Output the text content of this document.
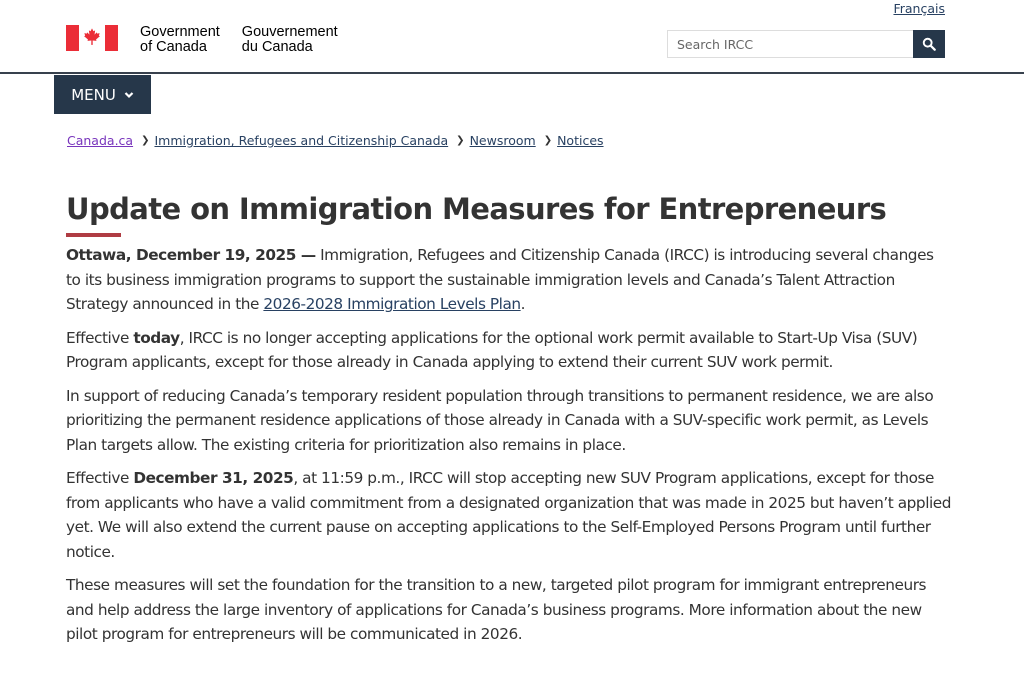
Government
of Canada
Gouvernement
du Canada
Français
Search IRCC
MENU
Canada.ca ❯ Immigration, Refugees and Citizenship Canada ❯ Newsroom ❯ Notices
Update on Immigration Measures for Entrepreneurs

Ottawa, December 19, 2025 — Immigration, Refugees and Citizenship Canada (IRCC) is introducing several changes to its business immigration programs to support the sustainable immigration levels and Canada’s Talent Attraction Strategy announced in the 2026-2028 Immigration Levels Plan.

Effective today, IRCC is no longer accepting applications for the optional work permit available to Start-Up Visa (SUV) Program applicants, except for those already in Canada applying to extend their current SUV work permit.

In support of reducing Canada’s temporary resident population through transitions to permanent residence, we are also prioritizing the permanent residence applications of those already in Canada with a SUV-specific work permit, as Levels Plan targets allow. The existing criteria for prioritization also remains in place.

Effective December 31, 2025, at 11:59 p.m., IRCC will stop accepting new SUV Program applications, except for those from applicants who have a valid commitment from a designated organization that was made in 2025 but haven’t applied yet. We will also extend the current pause on accepting applications to the Self-Employed Persons Program until further notice.

These measures will set the foundation for the transition to a new, targeted pilot program for immigrant entrepreneurs and help address the large inventory of applications for Canada’s business programs. More information about the new pilot program for entrepreneurs will be communicated in 2026.
